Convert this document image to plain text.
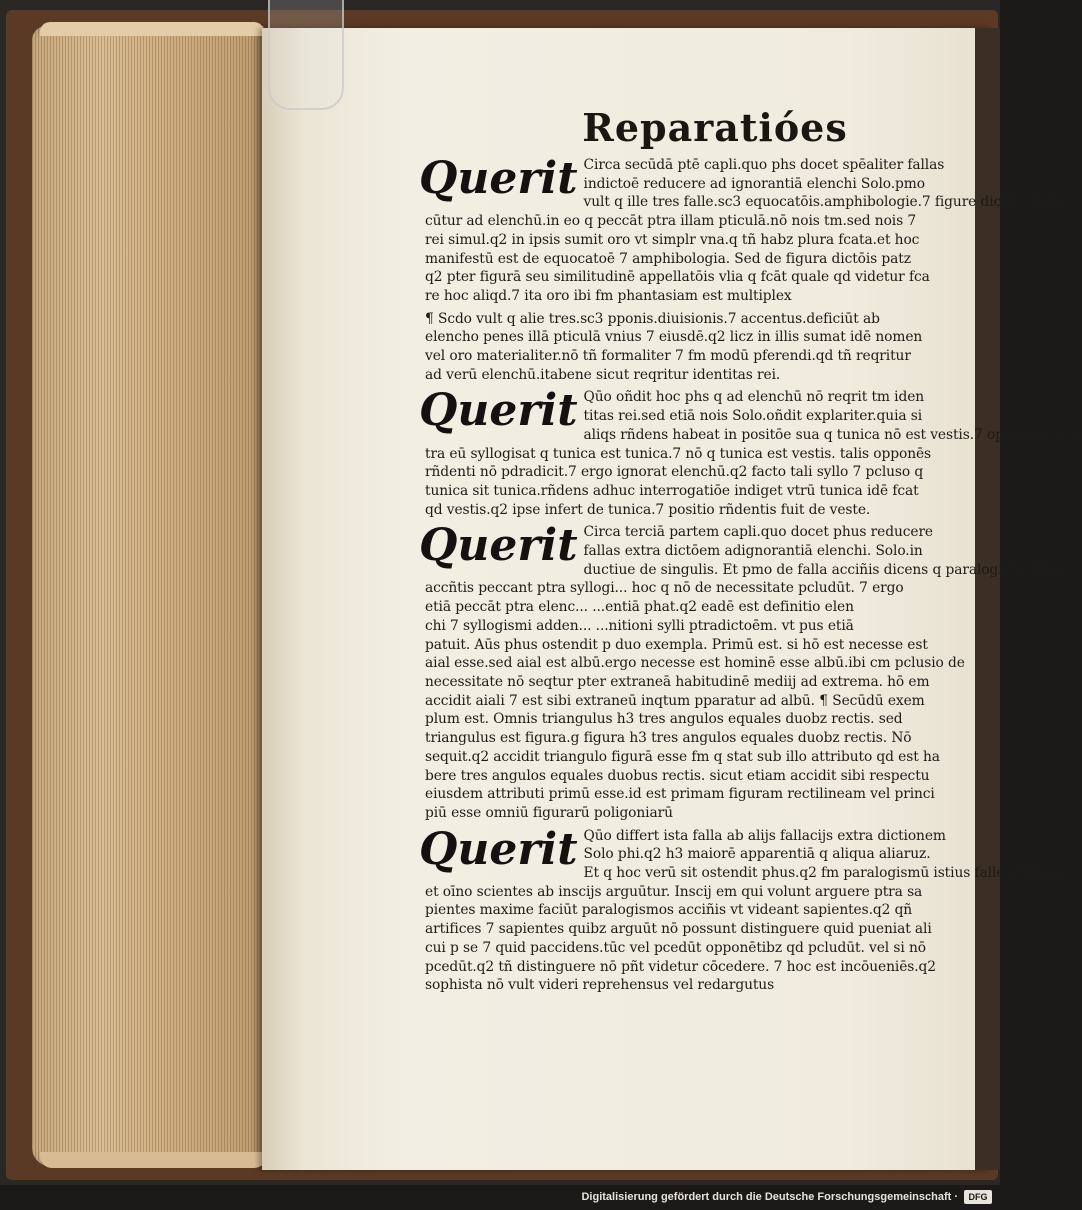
Reparatióes
Querit Circa secūdā ptē capli.quo phs docet spēaliter fallas
indictoē reducere ad ignorantiā elenchi Solo.pmo
vult q ille tres falle.sc3 equocatōis.amphibologie.7 figure dictōis redu
cūtur ad elenchū.in eo q peccāt ptra illam pticulā.nō nois tm.sed nois 7
rei simul.q2 in ipsis sumit oro vt simplr vna.q tñ habz plura fcata.et hoc
manifestū est de equocatoē 7 amphibologia. Sed de figura dictōis patz
q2 pter figurā seu similitudinē appellatōis vlia q fcāt quale qd videtur fca
re hoc aliqd.7 ita oro ibi fm phantasiam est multiplex
¶ Scdo vult q alie tres.sc3 pponis.diuisionis.7 accentus.deficiūt ab
elencho penes illā pticulā vnius 7 eiusdē.q2 licz in illis sumat idē nomen
vel oro materialiter.nō tñ formaliter 7 fm modū pferendi.qd tñ reqritur
ad verū elenchū.itabene sicut reqritur identitas rei.
Querit Qūo oñdit hoc phs q ad elenchū nō reqrit tm iden
titas rei.sed etiā nois Solo.oñdit explariter.quia si
aliqs rñdens habeat in positōe sua q tunica nō est vestis.7 opponens con
tra eū syllogisat q tunica est tunica.7 nō q tunica est vestis. talis opponēs
rñdenti nō pdradicit.7 ergo ignorat elenchū.q2 facto tali syllo 7 pcluso q
tunica sit tunica.rñdens adhuc interrogatiōe indiget vtrū tunica idē fcat
qd vestis.q2 ipse infert de tunica.7 positio rñdentis fuit de veste.
Querit Circa terciā partem capli.quo docet phus reducere
fallas extra dictōem adignorantiā elenchi. Solo.in
ductiue de singulis. Et pmo de falla acciñis dicens q paralogismi falle
accñtis peccant ptra syllogi... hoc q nō de necessitate pcludūt. 7 ergo
etiā peccāt ptra elenc... ...entiā phat.q2 eadē est definitio elen
chi 7 syllogismi adden... ...nitioni sylli ptradictoēm. vt pus etiā
patuit. Aūs phus ostendit p duo exempla. Primū est. si hō est necesse est
aial esse.sed aial est albū.ergo necesse est hominē esse albū.ibi cm pclusio de
necessitate nō seqtur pter extraneā habitudinē mediij ad extrema. hō em
accidit aiali 7 est sibi extraneū inqtum pparatur ad albū. ¶ Secūdū exem
plum est. Omnis triangulus h3 tres angulos equales duobz rectis. sed
triangulus est figura.g figura h3 tres angulos equales duobz rectis. Nō
sequit.q2 accidit triangulo figurā esse fm q stat sub illo attributo qd est ha
bere tres angulos equales duobus rectis. sicut etiam accidit sibi respectu
eiusdem attributi primū esse.id est primam figuram rectilineam vel princi
piū esse omniū figurarū poligoniarū
Querit Qūo differt ista falla ab alijs fallacijs extra dictionem
Solo phi.q2 h3 maiorē apparentiā q aliqua aliaruz.
Et q hoc verū sit ostendit phus.q2 fm paralogismū istius falle artifices
et oīno scientes ab inscijs arguūtur. Inscij em qui volunt arguere ptra sa
pientes maxime faciūt paralogismos acciñis vt videant sapientes.q2 qñ
artifices 7 sapientes quibz arguūt nō possunt distinguere quid pueniat ali
cui p se 7 quid paccidens.tūc vel pcedūt opponētibz qd pcludūt. vel si nō
pcedūt.q2 tñ distinguere nō pñt videtur cōcedere. 7 hoc est incōueniēs.q2
sophista nō vult videri reprehensus vel redargutus
Digitalisierung gefördert durch die Deutsche Forschungsgemeinschaft ·	DFG
